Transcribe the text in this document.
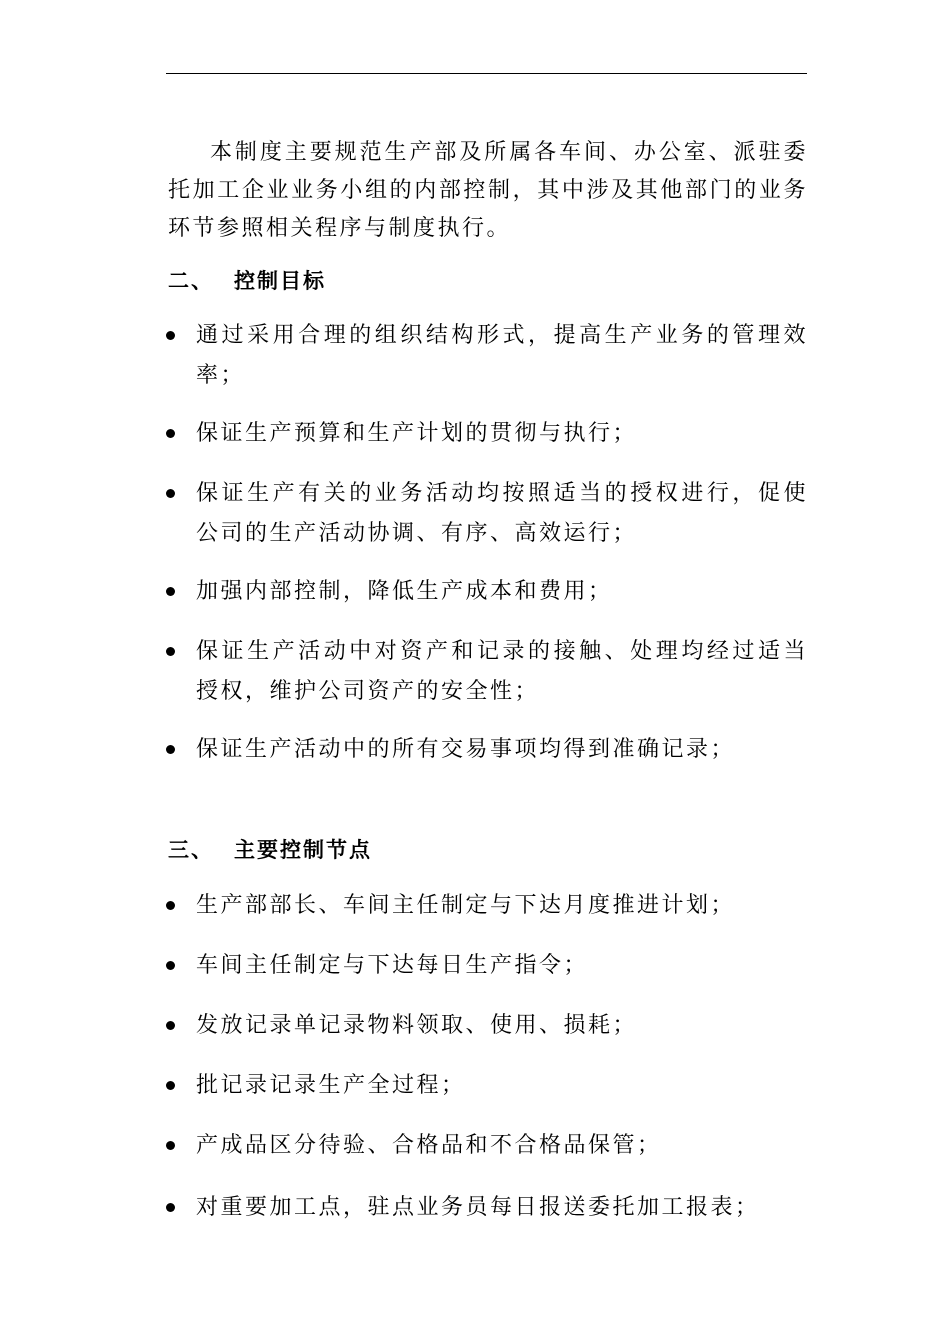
本制度主要规范生产部及所属各车间、办公室、派驻委托加工企业业务小组的内部控制，其中涉及其他部门的业务环节参照相关程序与制度执行。

二、 控制目标
通过采用合理的组织结构形式，提高生产业务的管理效率；
保证生产预算和生产计划的贯彻与执行；
保证生产有关的业务活动均按照适当的授权进行，促使公司的生产活动协调、有序、高效运行；
加强内部控制，降低生产成本和费用；
保证生产活动中对资产和记录的接触、处理均经过适当授权，维护公司资产的安全性；
保证生产活动中的所有交易事项均得到准确记录；
三、 主要控制节点
生产部部长、车间主任制定与下达月度推进计划；
车间主任制定与下达每日生产指令；
发放记录单记录物料领取、使用、损耗；
批记录记录生产全过程；
产成品区分待验、合格品和不合格品保管；
对重要加工点，驻点业务员每日报送委托加工报表；
